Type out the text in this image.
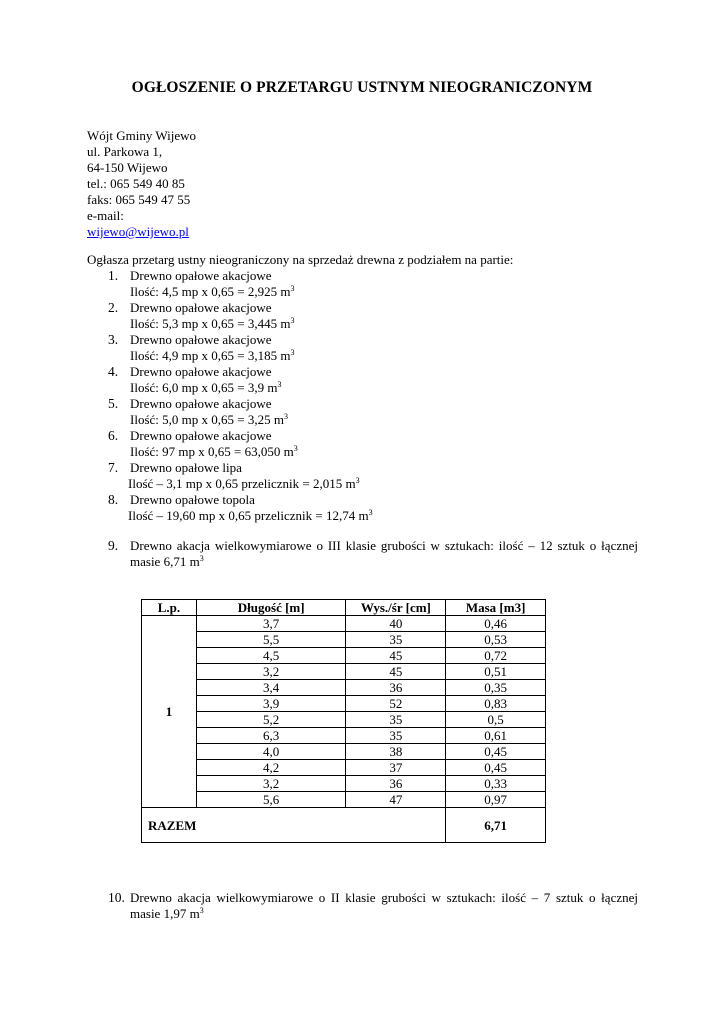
OGŁOSZENIE O PRZETARGU USTNYM NIEOGRANICZONYM
Wójt Gminy Wijewo
ul. Parkowa 1,
64-150 Wijewo
tel.: 065 549 40 85
faks: 065 549 47 55
e-mail:
wijewo@wijewo.pl
Ogłasza przetarg ustny nieograniczony na sprzedaż drewna z podziałem na partie:
1. Drewno opałowe akacjowe
Ilość: 4,5 mp x 0,65 = 2,925 $m^3$
2. Drewno opałowe akacjowe
Ilość: 5,3 mp x 0,65 = 3,445 $m^3$
3. Drewno opałowe akacjowe
Ilość: 4,9 mp x 0,65 = 3,185 $m^3$
4. Drewno opałowe akacjowe
Ilość: 6,0 mp x 0,65 = 3,9 $m^3$
5. Drewno opałowe akacjowe
Ilość: 5,0 mp x 0,65 = 3,25 $m^3$
6. Drewno opałowe akacjowe
Ilość: 97 mp x 0,65 = 63,050 $m^3$
7. Drewno opałowe lipa
Ilość – 3,1 mp x 0,65 przelicznik = 2,015 $m^3$
8. Drewno opałowe topola
Ilość – 19,60 mp x 0,65 przelicznik = 12,74 $m^3$
9. Drewno akacja wielkowymiarowe o III klasie grubości w sztukach: ilość – 12 sztuk o łącznej
masie 6,71 $m^3$
L.p.	Długość [m]	Wys./śr [cm]	Masa [m3]
1	3,7	40	0,46
	5,5	35	0,53
	4,5	45	0,72
	3,2	45	0,51
	3,4	36	0,35
	3,9	52	0,83
	5,2	35	0,5
	6,3	35	0,61
	4,0	38	0,45
	4,2	37	0,45
	3,2	36	0,33
	5,6	47	0,97
RAZEM			6,71
10. Drewno akacja wielkowymiarowe o II klasie grubości w sztukach: ilość – 7 sztuk o łącznej
masie 1,97 $m^3$
